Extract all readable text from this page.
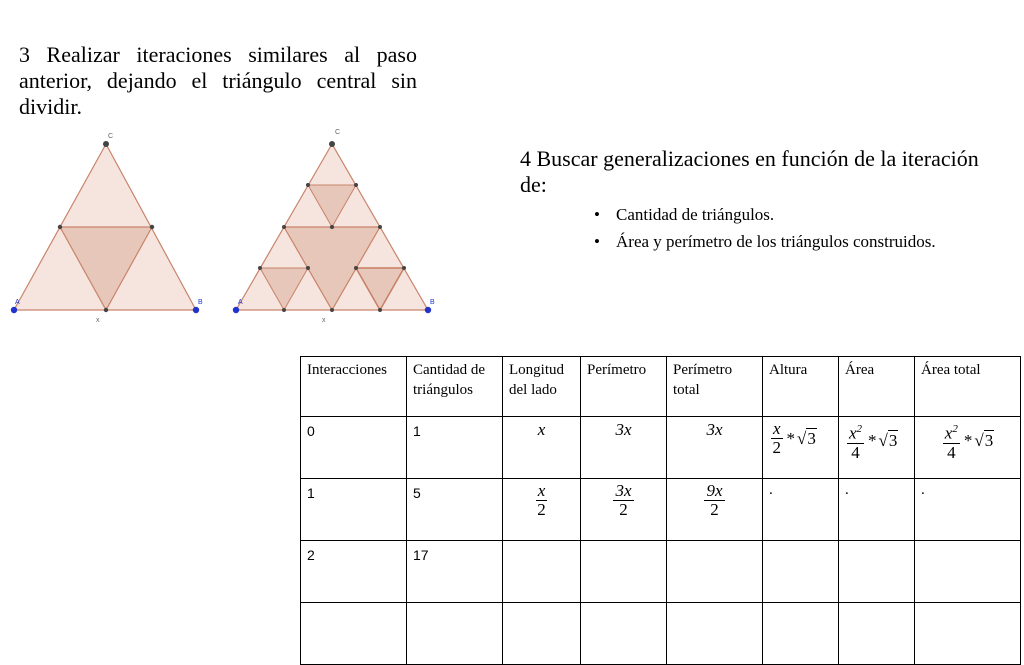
3 Realizar iteraciones similares al paso anterior, dejando el triángulo central sin dividir.
C
A	B
x
C
A	B
x
4 Buscar generalizaciones en función de la iteración de:
• Cantidad de triángulos.
• Área y perímetro de los triángulos construidos.
Interacciones	Cantidad de triángulos	Longitud del lado	Perímetro	Perímetro total	Altura	Área	Área total
0	1	x	3x	3x	$\frac{x}{2} * √3$	$\frac{x^2}{4} * √3$	$\frac{x^2}{4} * √3$
1	5	$\frac{x}{2}$	$\frac{3x}{2}$	$\frac{9x}{2}$	.	.	.
2	17						
